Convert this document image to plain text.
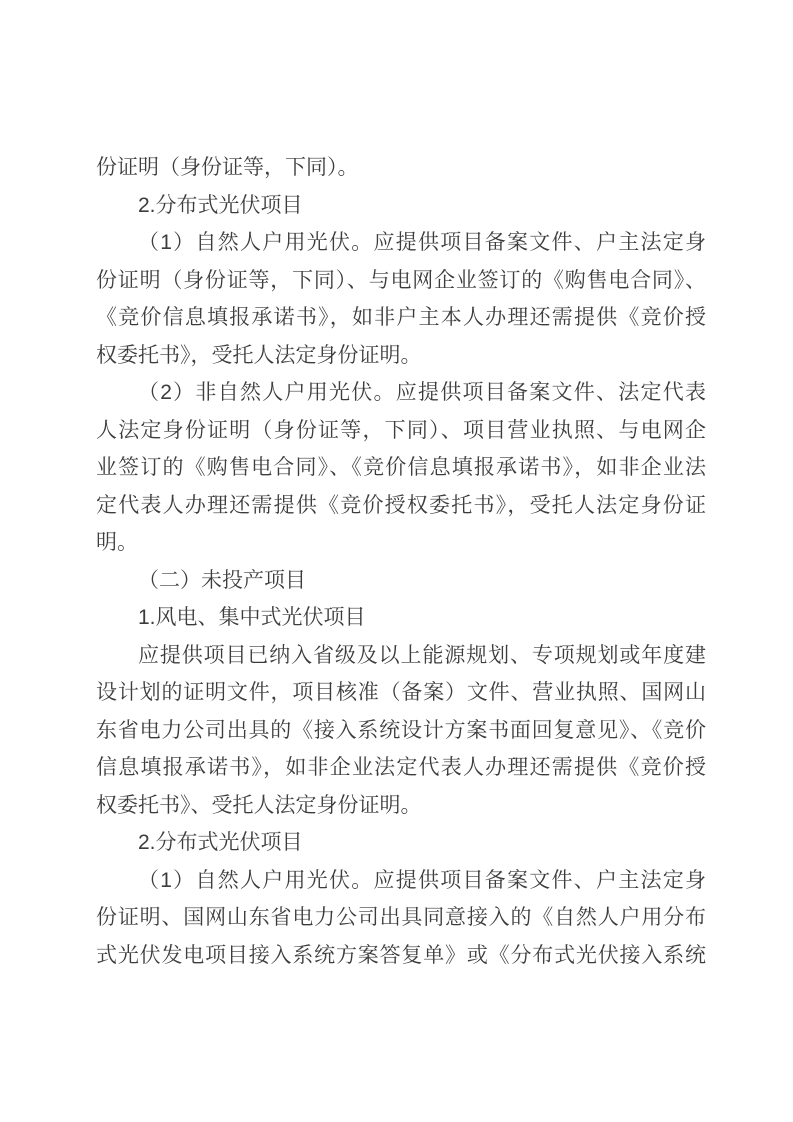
份证明（身份证等，下同）。
2.分布式光伏项目
（1）自然人户用光伏。应提供项目备案文件、户主法定身
份证明（身份证等，下同）、与电网企业签订的《购售电合同》、
《竞价信息填报承诺书》，如非户主本人办理还需提供《竞价授
权委托书》，受托人法定身份证明。
（2）非自然人户用光伏。应提供项目备案文件、法定代表
人法定身份证明（身份证等，下同）、项目营业执照、与电网企
业签订的《购售电合同》、《竞价信息填报承诺书》，如非企业法
定代表人办理还需提供《竞价授权委托书》，受托人法定身份证
明。
（二）未投产项目
1.风电、集中式光伏项目
应提供项目已纳入省级及以上能源规划、专项规划或年度建
设计划的证明文件，项目核准（备案）文件、营业执照、国网山
东省电力公司出具的《接入系统设计方案书面回复意见》、《竞价
信息填报承诺书》，如非企业法定代表人办理还需提供《竞价授
权委托书》、受托人法定身份证明。
2.分布式光伏项目
（1）自然人户用光伏。应提供项目备案文件、户主法定身
份证明、国网山东省电力公司出具同意接入的《自然人户用分布
式光伏发电项目接入系统方案答复单》或《分布式光伏接入系统
